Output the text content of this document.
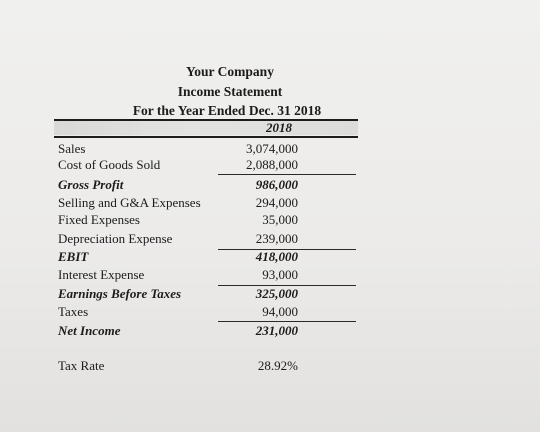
Your Company
Income Statement
For the Year Ended Dec. 31 2018
2018
Sales	3,074,000
Cost of Goods Sold	2,088,000
Gross Profit	986,000
Selling and G&A Expenses	294,000
Fixed Expenses	35,000
Depreciation Expense	239,000
EBIT	418,000
Interest Expense	93,000
Earnings Before Taxes	325,000
Taxes	94,000
Net Income	231,000
Tax Rate	28.92%
